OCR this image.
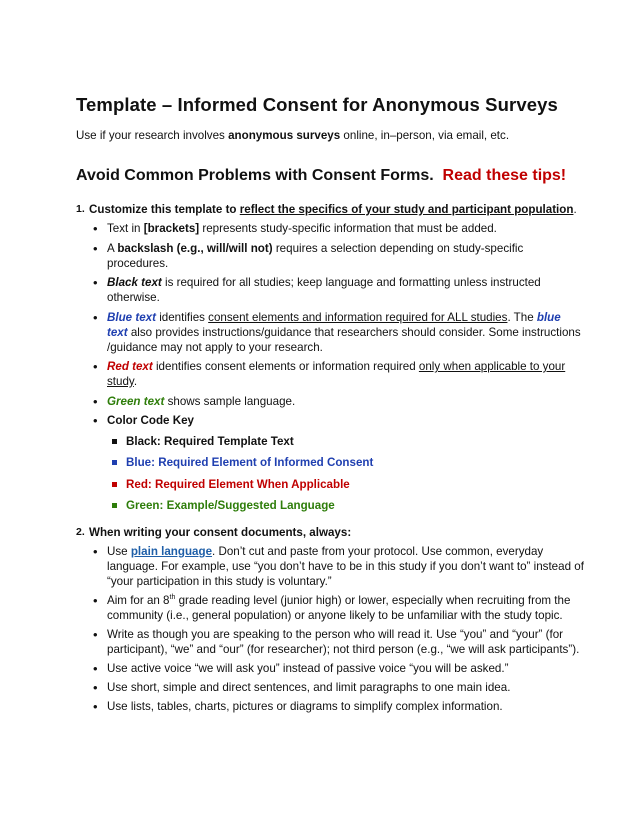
Template – Informed Consent for Anonymous Surveys
Use if your research involves anonymous surveys online, in–person, via email, etc.
Avoid Common Problems with Consent Forms. Read these tips!
1. Customize this template to reflect the specifics of your study and participant population.
• Text in [brackets] represents study-specific information that must be added.
• A backslash (e.g., will/will not) requires a selection depending on study-specific procedures.
• Black text is required for all studies; keep language and formatting unless instructed otherwise.
• Blue text identifies consent elements and information required for ALL studies. The blue text also provides instructions/guidance that researchers should consider. Some instructions /guidance may not apply to your research.
• Red text identifies consent elements or information required only when applicable to your study.
• Green text shows sample language.
• Color Code Key
Black: Required Template Text
Blue: Required Element of Informed Consent
Red: Required Element When Applicable
Green: Example/Suggested Language
2. When writing your consent documents, always:
• Use plain language. Don’t cut and paste from your protocol. Use common, everyday language. For example, use “you don’t have to be in this study if you don’t want to” instead of “your participation in this study is voluntary.”
• Aim for an 8th grade reading level (junior high) or lower, especially when recruiting from the community (i.e., general population) or anyone likely to be unfamiliar with the study topic.
• Write as though you are speaking to the person who will read it. Use “you” and “your” (for participant), “we” and “our” (for researcher); not third person (e.g., “we will ask participants”).
• Use active voice “we will ask you” instead of passive voice “you will be asked.”
• Use short, simple and direct sentences, and limit paragraphs to one main idea.
• Use lists, tables, charts, pictures or diagrams to simplify complex information.
